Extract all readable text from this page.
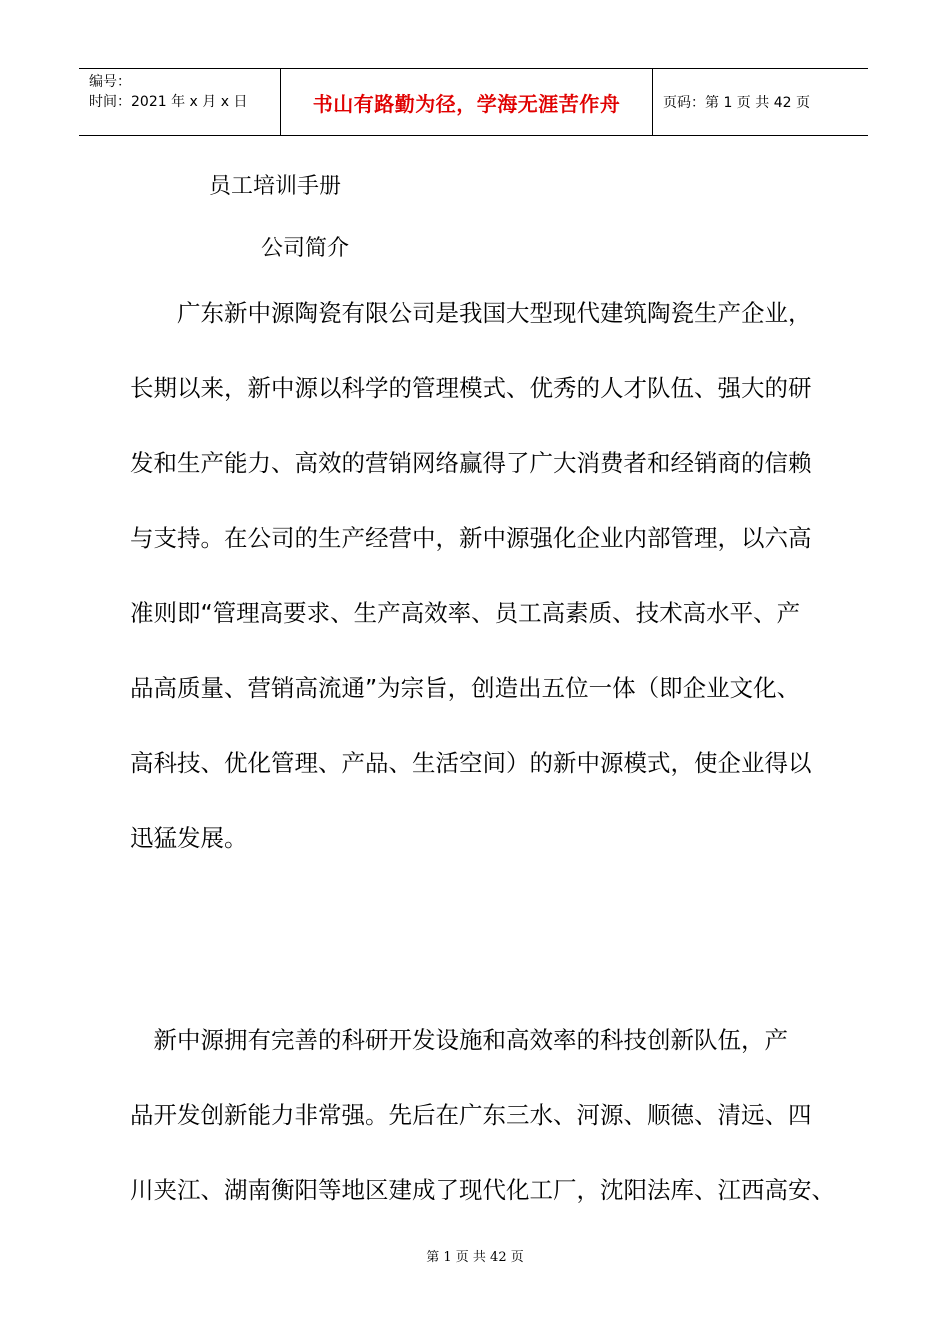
编号：
时间：2021 年 x 月 x 日	书山有路勤为径，学海无涯苦作舟	页码：第 1 页 共 42 页
员工培训手册
公司简介
　　广东新中源陶瓷有限公司是我国大型现代建筑陶瓷生产企业，
长期以来，新中源以科学的管理模式、优秀的人才队伍、强大的研
发和生产能力、高效的营销网络赢得了广大消费者和经销商的信赖
与支持。在公司的生产经营中，新中源强化企业内部管理，以六高
准则即“管理高要求、生产高效率、员工高素质、技术高水平、产
品高质量、营销高流通”为宗旨，创造出五位一体（即企业文化、
高科技、优化管理、产品、生活空间）的新中源模式，使企业得以
迅猛发展。
　新中源拥有完善的科研开发设施和高效率的科技创新队伍，产
品开发创新能力非常强。先后在广东三水、河源、顺德、清远、四
川夹江、湖南衡阳等地区建成了现代化工厂，沈阳法库、江西高安、
第 1 页 共 42 页
